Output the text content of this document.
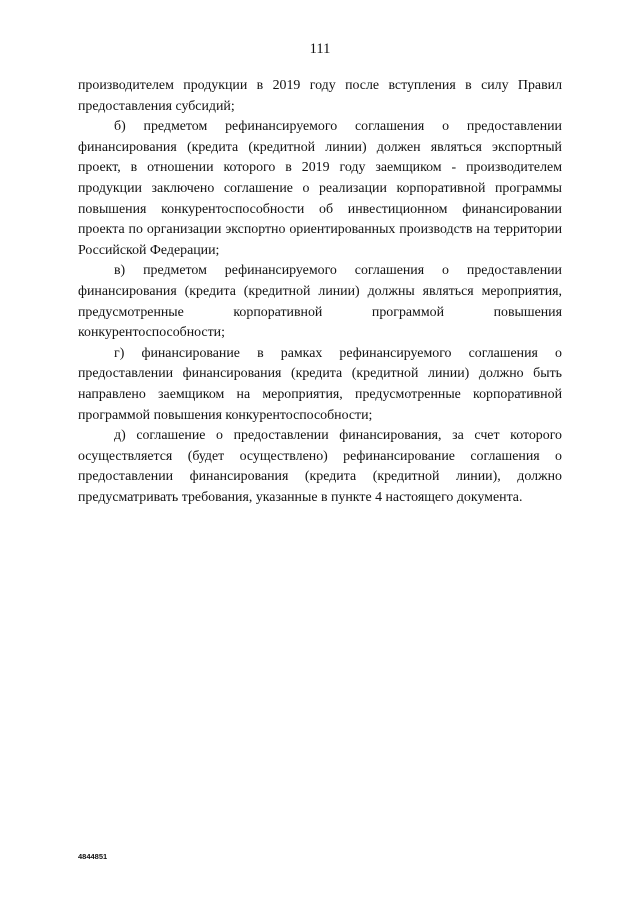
111

производителем продукции в 2019 году после вступления в силу Правил предоставления субсидий;

б) предметом рефинансируемого соглашения о предоставлении финансирования (кредита (кредитной линии) должен являться экспортный проект, в отношении которого в 2019 году заемщиком - производителем продукции заключено соглашение о реализации корпоративной программы повышения конкурентоспособности об инвестиционном финансировании проекта по организации экспортно ориентированных производств на территории Российской Федерации;

в) предметом рефинансируемого соглашения о предоставлении финансирования (кредита (кредитной линии) должны являться мероприятия, предусмотренные корпоративной программой повышения конкурентоспособности;

г) финансирование в рамках рефинансируемого соглашения о предоставлении финансирования (кредита (кредитной линии) должно быть направлено заемщиком на мероприятия, предусмотренные корпоративной программой повышения конкурентоспособности;

д) соглашение о предоставлении финансирования, за счет которого осуществляется (будет осуществлено) рефинансирование соглашения о предоставлении финансирования (кредита (кредитной линии), должно предусматривать требования, указанные в пункте 4 настоящего документа.

4844851
